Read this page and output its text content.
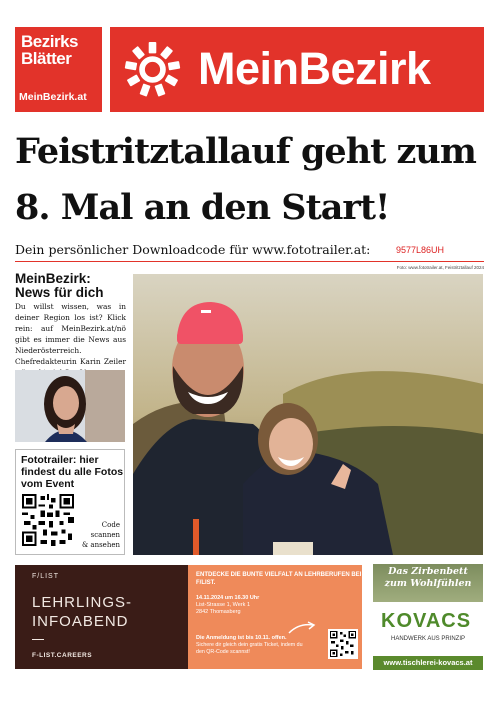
Bezirks
Blätter
MeinBezirk.at
MeinBezirk
Feistritztallauf geht zum 8. Mal an den Start!
Dein persönlicher Downloadcode für www.fototrailer.at:	9577L86UH
Foto: www.fototrailer.at, Feistritztallauf 2024
MeinBezirk:
News für dich

Du willst wissen, was in deiner Region los ist? Klick rein: auf MeinBezirk.at/nö gibt es immer die News aus Niederösterreich. Chefredakteurin Karin Zeiler

Fototrailer: hier findest du alle Fotos vom Event
Code
scannen
& ansehen
F/LIST
LEHRLINGS-
INFOABEND
F-LIST.CAREERS
ENTDECKE DIE BUNTE VIELFALT AN LEHRBERUFEN BEI F/LIST.
14.11.2024 um 16.30 Uhr
List-Strasse 1, Werk 1
2842 Thomasberg
Die Anmeldung ist bis 10.11. offen.
Sichere dir gleich dein gratis Ticket, indem du den QR-Code scannst!
Das Zirbenbett
zum Wohlfühlen
KOVACS
HANDWERK AUS PRINZIP
www.tischlerei-kovacs.at
